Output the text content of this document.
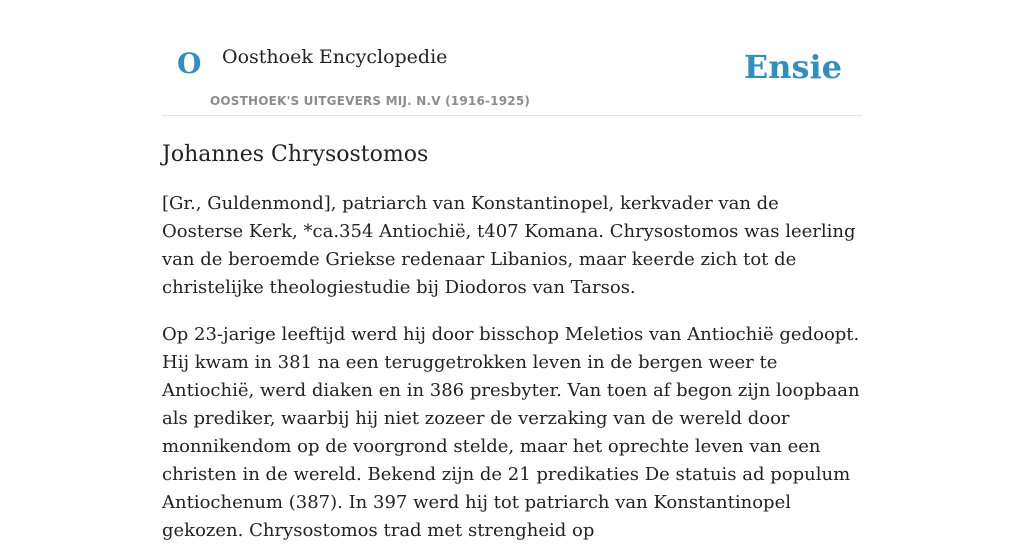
O Oosthoek Encyclopedie
OOSTHOEK'S UITGEVERS MIJ. N.V (1916-1925)
Ensie
Johannes Chrysostomos

[Gr., Guldenmond], patriarch van Konstantinopel, kerkvader van de Oosterse Kerk, *ca.354 Antiochië, t407 Komana. Chrysostomos was leerling van de beroemde Griekse redenaar Libanios, maar keerde zich tot de christelijke theologiestudie bij Diodoros van Tarsos.

Op 23-jarige leeftijd werd hij door bisschop Meletios van Antiochië gedoopt. Hij kwam in 381 na een teruggetrokken leven in de bergen weer te Antiochië, werd diaken en in 386 presbyter. Van toen af begon zijn loopbaan als prediker, waarbij hij niet zozeer de verzaking van de wereld door monnikendom op de voorgrond stelde, maar het oprechte leven van een christen in de wereld. Bekend zijn de 21 predikaties De statuis ad populum Antiochenum (387). In 397 werd hij tot patriarch van Konstantinopel gekozen. Chrysostomos trad met strengheid op
